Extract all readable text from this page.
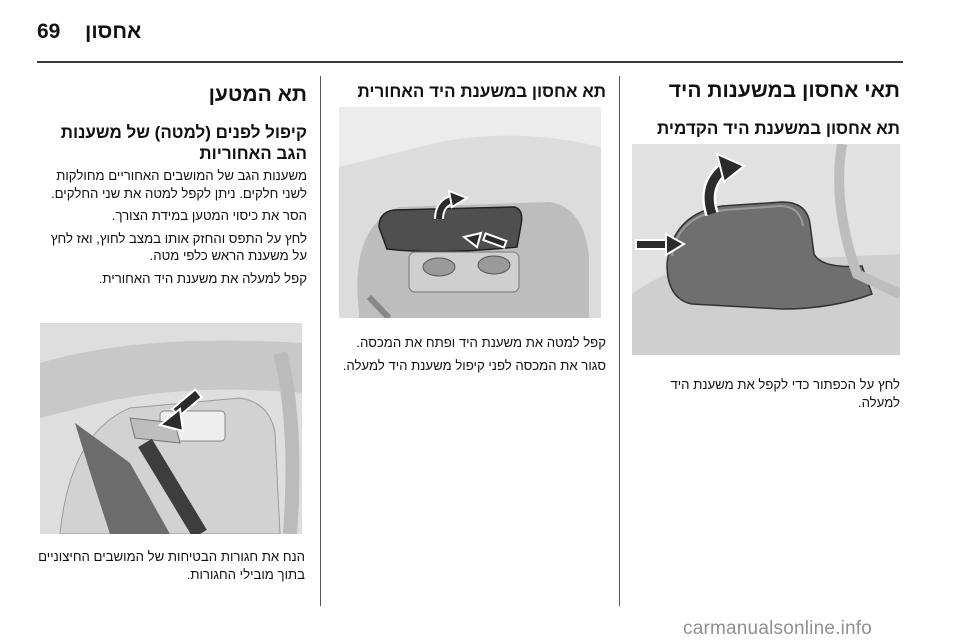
69 אחסון
תאי אחסון במשענות היד
תא אחסון במשענת היד הקדמית

לחץ על הכפתור כדי לקפל את משענת היד למעלה.

תא אחסון במשענת היד האחורית

קפל למטה את משענת היד ופתח את המכסה.

סגור את המכסה לפני קיפול משענת היד למעלה.

תא המטען
קיפול לפנים (למטה) של משענות הגב האחוריות

משענות הגב של המושבים האחוריים מחולקות לשני חלקים. ניתן לקפל למטה את שני החלקים.

הסר את כיסוי המטען במידת הצורך.

לחץ על התפס והחזק אותו במצב לחוץ, ואז לחץ על משענת הראש כלפי מטה.

קפל למעלה את משענת היד האחורית.

הנח את חגורות הבטיחות של המושבים החיצוניים בתוך מובילי החגורות.

carmanualsonline.info
